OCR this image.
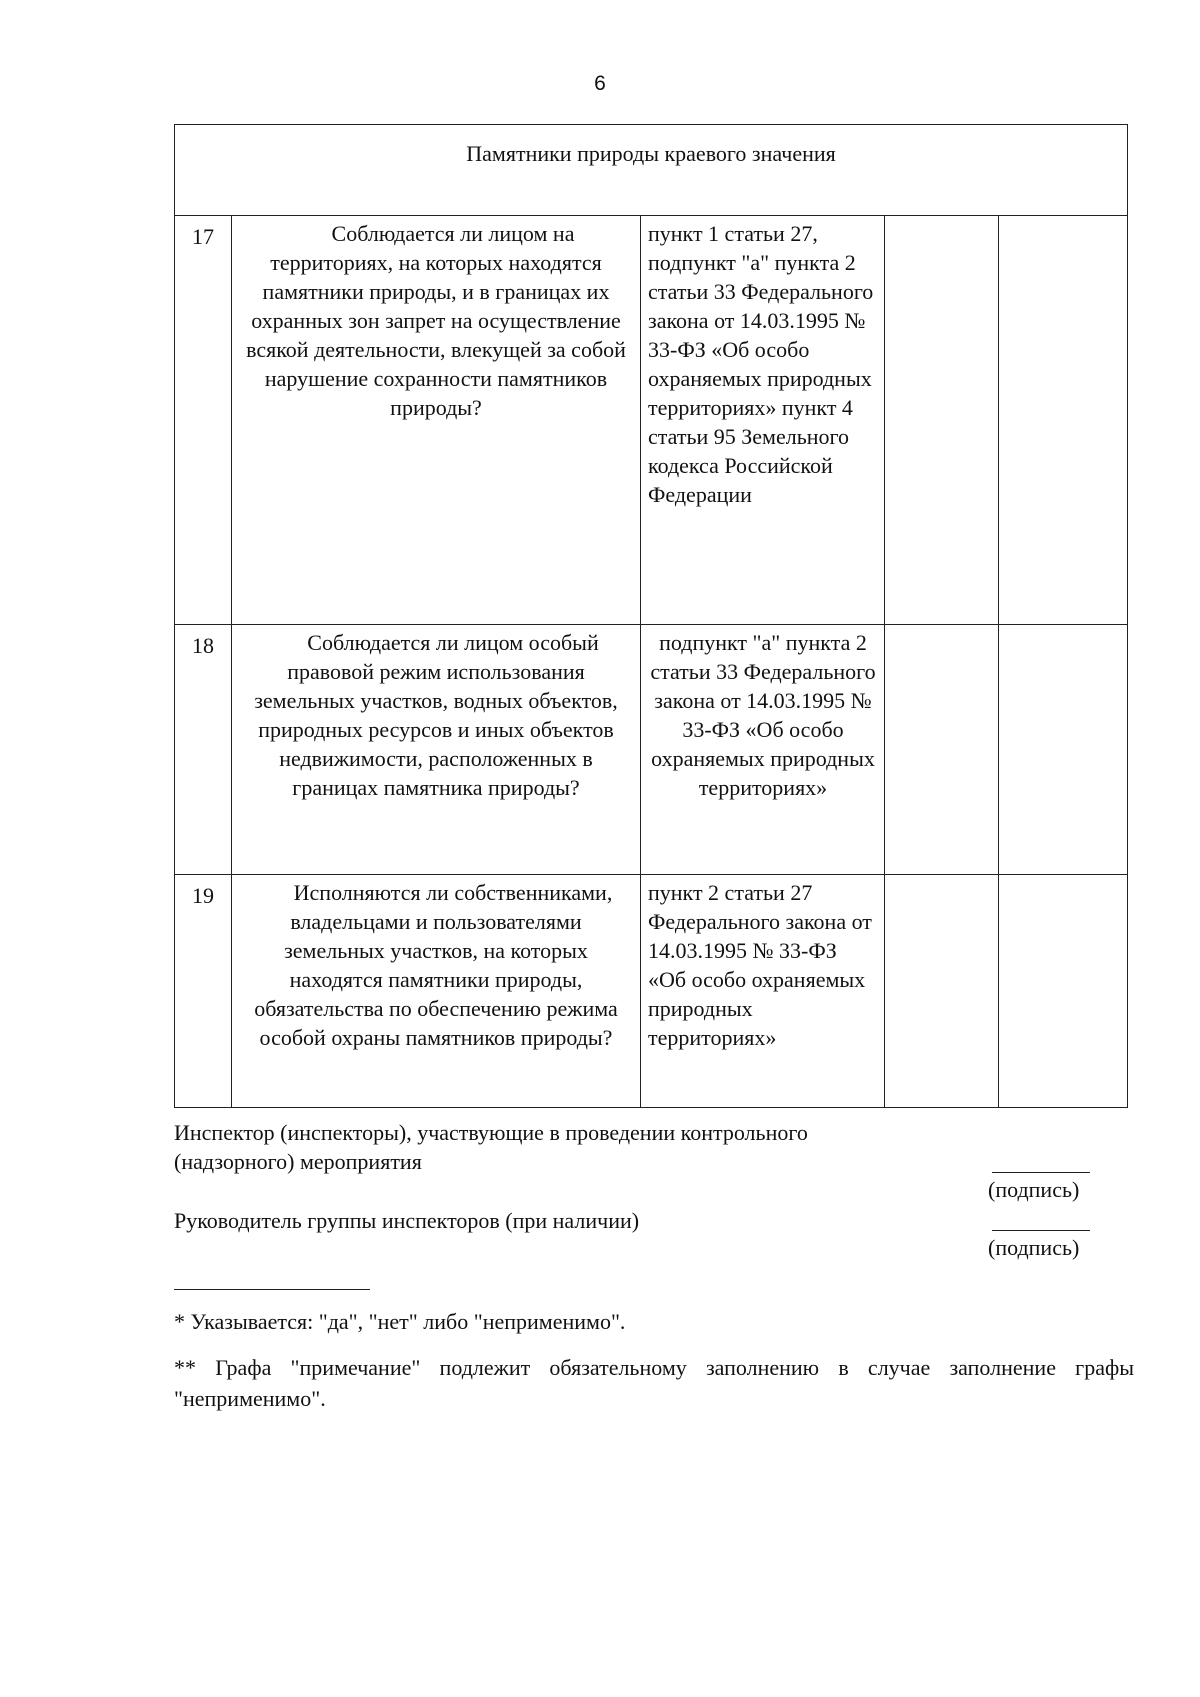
6
Памятники природы краевого значения				

17	Соблюдается ли лицом на территориях, на которых находятся памятники природы, и в границах их охранных зон запрет на осуществление всякой деятельности, влекущей за собой нарушение сохранности памятников природы?	пункт 1 статьи 27, подпункт "а" пункта 2 статьи 33 Федерального закона от 14.03.1995 № 33-ФЗ «Об особо охраняемых природных территориях» пункт 4 статьи 95 Земельного кодекса Российской Федерации		
18	Соблюдается ли лицом особый правовой режим использования земельных участков, водных объектов, природных ресурсов и иных объектов недвижимости, расположенных в границах памятника природы?	подпункт "а" пункта 2 статьи 33 Федерального закона от 14.03.1995 № 33-ФЗ «Об особо охраняемых природных территориях»		
19	Исполняются ли собственниками, владельцами и пользователями земельных участков, на которых находятся памятники природы, обязательства по обеспечению режима особой охраны памятников природы?	пункт 2 статьи 27 Федерального закона от 14.03.1995 № 33-ФЗ «Об особо охраняемых природных территориях»		
Инспектор (инспекторы), участвующие в проведении контрольного (надзорного) мероприятия
(подпись)
Руководитель группы инспекторов (при наличии)
(подпись)
* Указывается: "да", "нет" либо "неприменимо".
** Графа "примечание" подлежит обязательному заполнению в случае заполнение графы "неприменимо".
